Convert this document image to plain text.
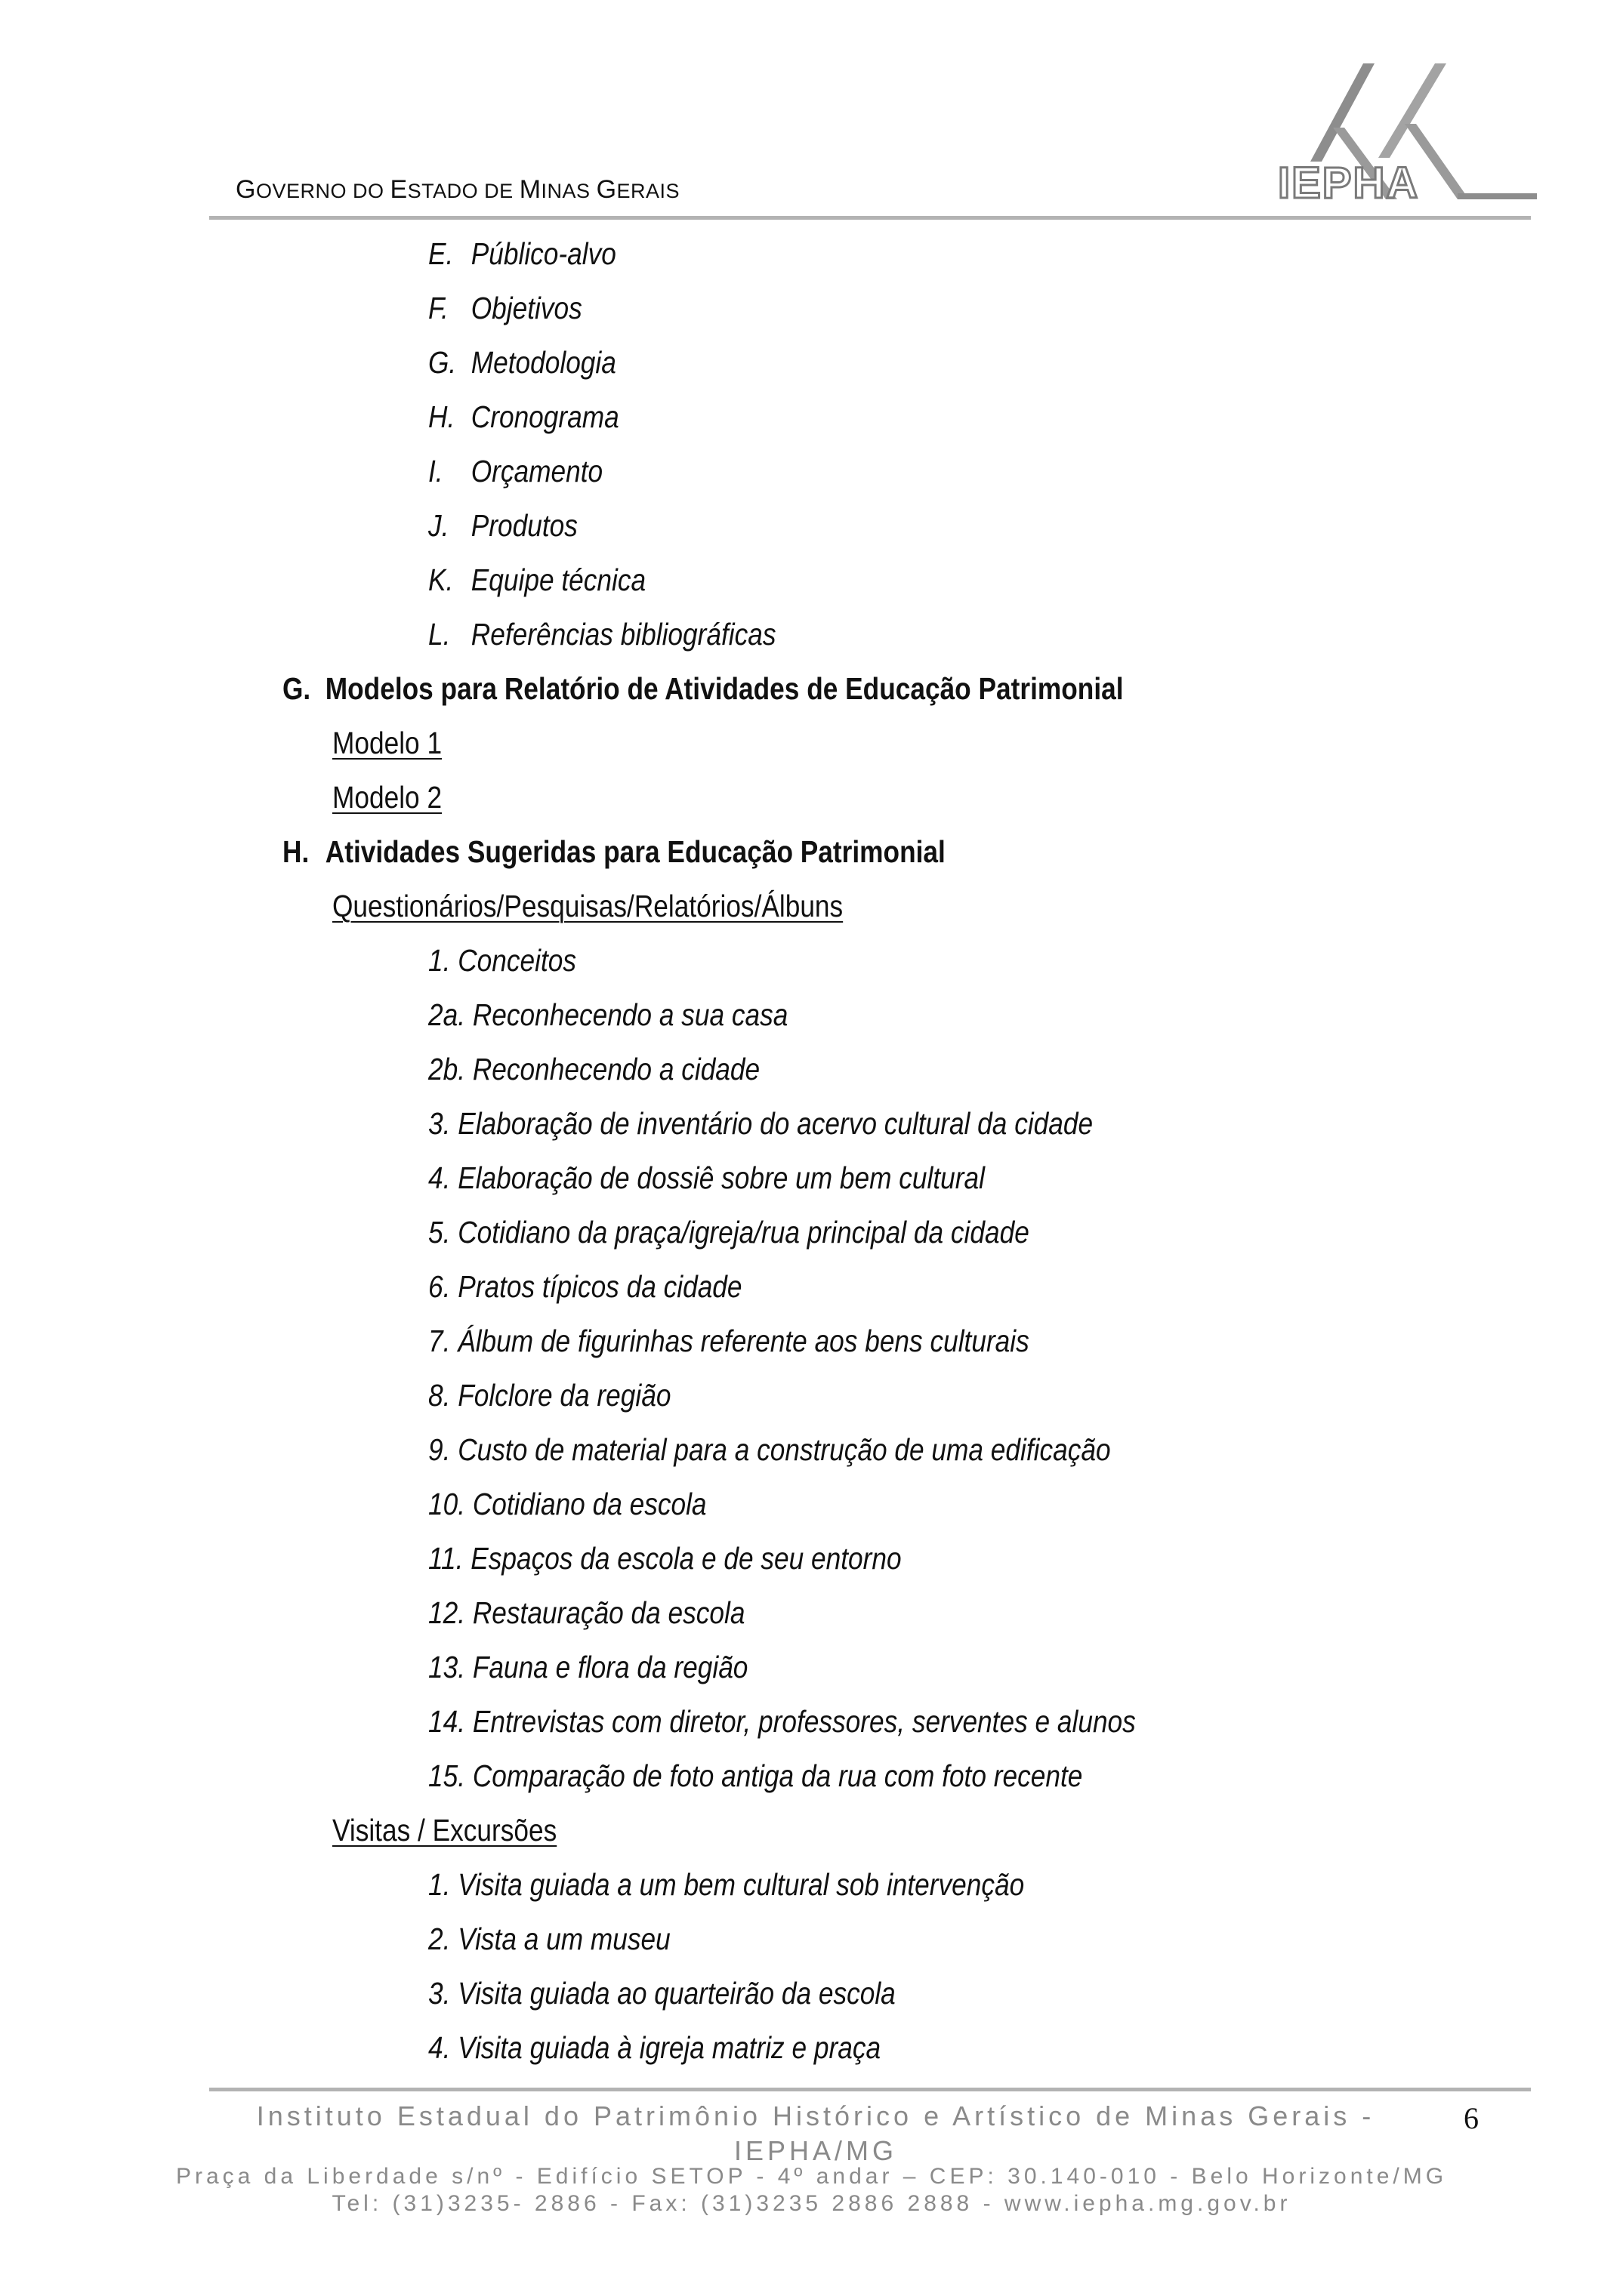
GOVERNO DO ESTADO DE MINAS GERAIS	IEPHA
E. Público-alvo
F. Objetivos
G. Metodologia
H. Cronograma
I. Orçamento
J. Produtos
K. Equipe técnica
L. Referências bibliográficas
G. Modelos para Relatório de Atividades de Educação Patrimonial
Modelo 1
Modelo 2
H. Atividades Sugeridas para Educação Patrimonial
Questionários/Pesquisas/Relatórios/Álbuns
1. Conceitos
2a. Reconhecendo a sua casa
2b. Reconhecendo a cidade
3. Elaboração de inventário do acervo cultural da cidade
4. Elaboração de dossiê sobre um bem cultural
5. Cotidiano da praça/igreja/rua principal da cidade
6. Pratos típicos da cidade
7. Álbum de figurinhas referente aos bens culturais
8. Folclore da região
9. Custo de material para a construção de uma edificação
10. Cotidiano da escola
11. Espaços da escola e de seu entorno
12. Restauração da escola
13. Fauna e flora da região
14. Entrevistas com diretor, professores, serventes e alunos
15. Comparação de foto antiga da rua com foto recente
Visitas / Excursões
1. Visita guiada a um bem cultural sob intervenção
2. Vista a um museu
3. Visita guiada ao quarteirão da escola
4. Visita guiada à igreja matriz e praça
Instituto Estadual do Patrimônio Histórico e Artístico de Minas Gerais - IEPHA/MG
Praça da Liberdade s/nº - Edifício SETOP - 4º andar – CEP: 30.140-010 - Belo Horizonte/MG
Tel: (31)3235- 2886 - Fax: (31)3235 2886 2888 - www.iepha.mg.gov.br
6
